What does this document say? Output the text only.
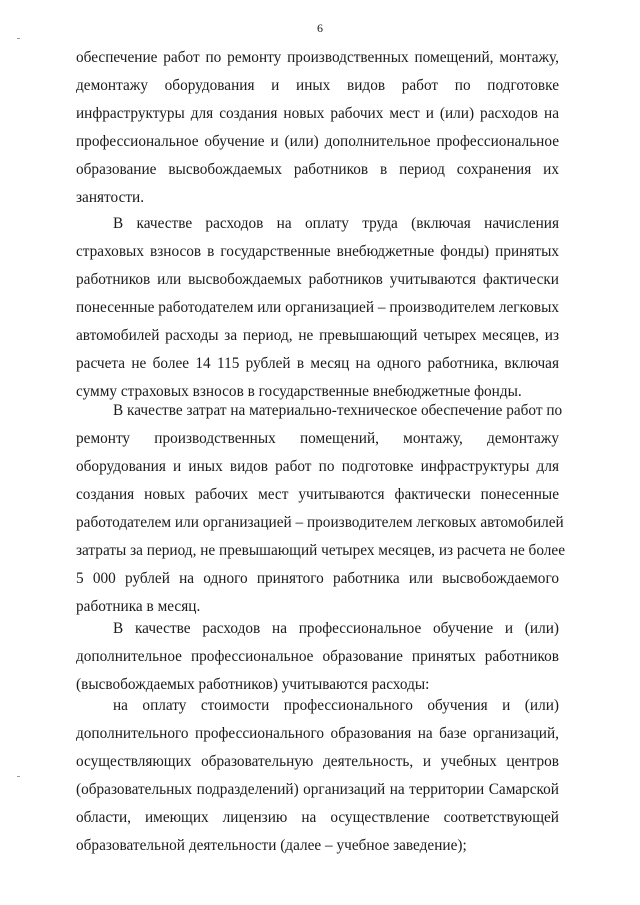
6
обеспечение работ по ремонту производственных помещений, монтажу,
демонтажу оборудования и иных видов работ по подготовке
инфраструктуры для создания новых рабочих мест и (или) расходов на
профессиональное обучение и (или) дополнительное профессиональное
образование высвобождаемых работников в период сохранения их
занятости.
В качестве расходов на оплату труда (включая начисления
страховых взносов в государственные внебюджетные фонды) принятых
работников или высвобождаемых работников учитываются фактически
понесенные работодателем или организацией – производителем легковых
автомобилей расходы за период, не превышающий четырех месяцев, из
расчета не более 14 115 рублей в месяц на одного работника, включая
сумму страховых взносов в государственные внебюджетные фонды.
В качестве затрат на материально-техническое обеспечение работ по
ремонту производственных помещений, монтажу, демонтажу
оборудования и иных видов работ по подготовке инфраструктуры для
создания новых рабочих мест учитываются фактически понесенные
работодателем или организацией – производителем легковых автомобилей
затраты за период, не превышающий четырех месяцев, из расчета не более
5 000 рублей на одного принятого работника или высвобождаемого
работника в месяц.
В качестве расходов на профессиональное обучение и (или)
дополнительное профессиональное образование принятых работников
(высвобождаемых работников) учитываются расходы:
на оплату стоимости профессионального обучения и (или)
дополнительного профессионального образования на базе организаций,
осуществляющих образовательную деятельность, и учебных центров
(образовательных подразделений) организаций на территории Самарской
области, имеющих лицензию на осуществление соответствующей
образовательной деятельности (далее – учебное заведение);
